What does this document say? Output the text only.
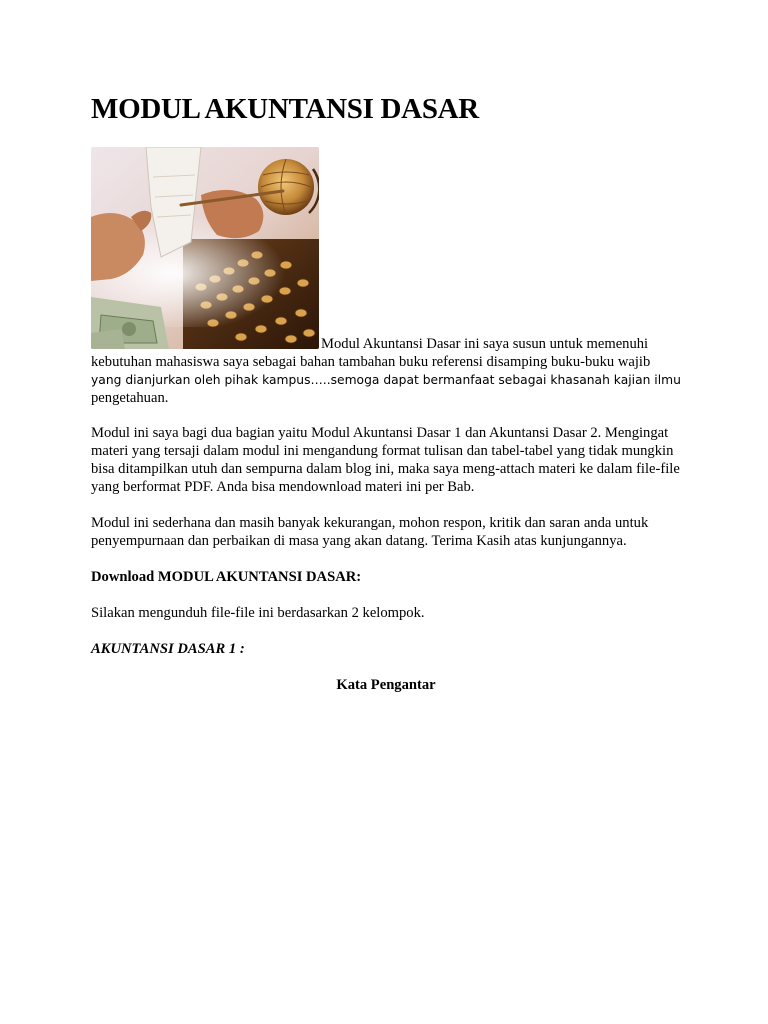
MODUL AKUNTANSI DASAR
Modul Akuntansi Dasar ini saya susun untuk memenuhi kebutuhan mahasiswa saya sebagai bahan tambahan buku referensi disamping buku-buku wajib
yang dianjurkan oleh pihak kampus…..semoga dapat bermanfaat sebagai khasanah kajian ilmu
pengetahuan.

Modul ini saya bagi dua bagian yaitu Modul Akuntansi Dasar 1 dan Akuntansi Dasar 2. Mengingat materi yang tersaji dalam modul ini mengandung format tulisan dan tabel-tabel yang tidak mungkin bisa ditampilkan utuh dan sempurna dalam blog ini, maka saya meng-attach materi ke dalam file-file yang berformat PDF. Anda bisa mendownload materi ini per Bab.

Modul ini sederhana dan masih banyak kekurangan, mohon respon, kritik dan saran anda untuk penyempurnaan dan perbaikan di masa yang akan datang. Terima Kasih atas kunjungannya.

Download MODUL AKUNTANSI DASAR:

Silakan mengunduh file-file ini berdasarkan 2 kelompok.

AKUNTANSI DASAR 1 :

Kata Pengantar
